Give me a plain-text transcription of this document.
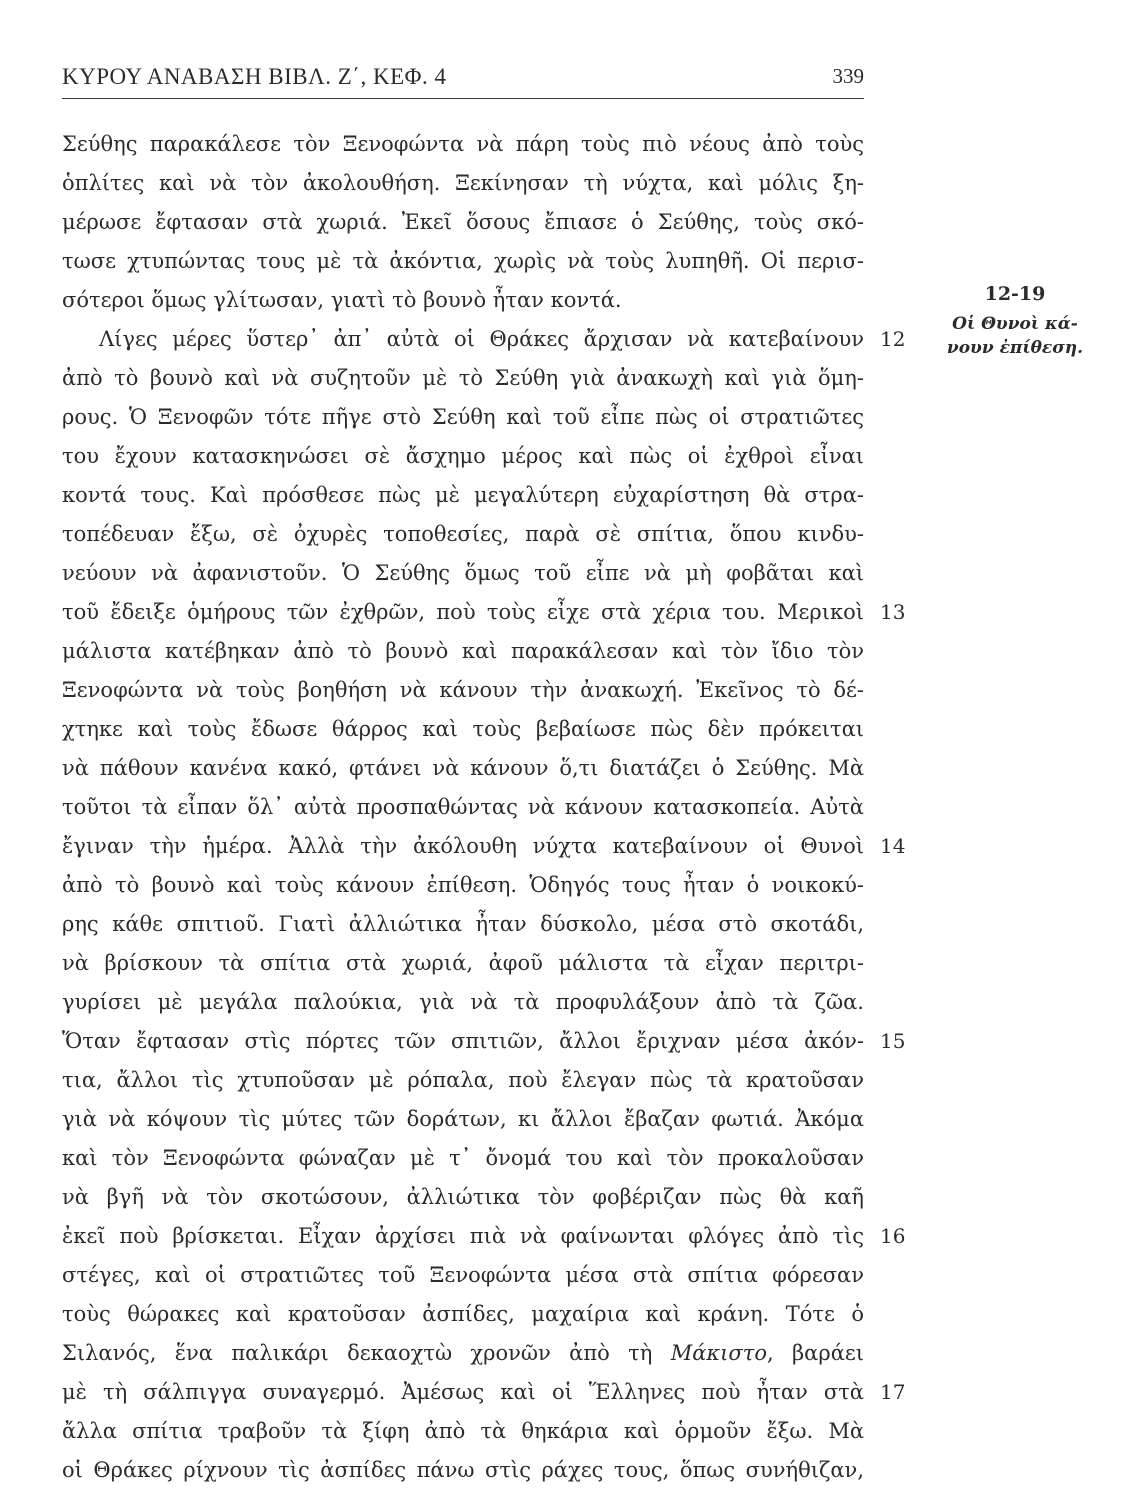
ΚΥΡΟΥ ΑΝΑΒΑΣΗ ΒΙΒΛ. Ζ΄, ΚΕΦ. 4	339
Σεύθης παρακάλεσε τὸν Ξενοφώντα νὰ πάρη τοὺς πιὸ νέους ἀπὸ τοὺς
ὁπλίτες καὶ νὰ τὸν ἀκολουθήση. Ξεκίνησαν τὴ νύχτα, καὶ μόλις ξη-
μέρωσε ἔφτασαν στὰ χωριά. Ἐκεῖ ὅσους ἔπιασε ὁ Σεύθης, τοὺς σκό-
τωσε χτυπώντας τους μὲ τὰ ἀκόντια, χωρὶς νὰ τοὺς λυπηθῆ. Οἱ περισ-
σότεροι ὅμως γλίτωσαν, γιατὶ τὸ βουνὸ ἦταν κοντά.
Λίγες μέρες ὕστερ᾽ ἀπ᾽ αὐτὰ οἱ Θράκες ἄρχισαν νὰ κατεβαίνουν
ἀπὸ τὸ βουνὸ καὶ νὰ συζητοῦν μὲ τὸ Σεύθη γιὰ ἀνακωχὴ καὶ γιὰ ὅμη-
ρους. Ὁ Ξενοφῶν τότε πῆγε στὸ Σεύθη καὶ τοῦ εἶπε πὼς οἱ στρατιῶτες
του ἔχουν κατασκηνώσει σὲ ἄσχημο μέρος καὶ πὼς οἱ ἐχθροὶ εἶναι
κοντά τους. Καὶ πρόσθεσε πὼς μὲ μεγαλύτερη εὐχαρίστηση θὰ στρα-
τοπέδευαν ἔξω, σὲ ὀχυρὲς τοποθεσίες, παρὰ σὲ σπίτια, ὅπου κινδυ-
νεύουν νὰ ἀφανιστοῦν. Ὁ Σεύθης ὅμως τοῦ εἶπε νὰ μὴ φοβᾶται καὶ
τοῦ ἔδειξε ὁμήρους τῶν ἐχθρῶν, ποὺ τοὺς εἶχε στὰ χέρια του. Μερικοὶ
μάλιστα κατέβηκαν ἀπὸ τὸ βουνὸ καὶ παρακάλεσαν καὶ τὸν ἴδιο τὸν
Ξενοφώντα νὰ τοὺς βοηθήση νὰ κάνουν τὴν ἀνακωχή. Ἐκεῖνος τὸ δέ-
χτηκε καὶ τοὺς ἔδωσε θάρρος καὶ τοὺς βεβαίωσε πὼς δὲν πρόκειται
νὰ πάθουν κανένα κακό, φτάνει νὰ κάνουν ὅ,τι διατάζει ὁ Σεύθης. Μὰ
τοῦτοι τὰ εἶπαν ὅλ᾽ αὐτὰ προσπαθώντας νὰ κάνουν κατασκοπεία. Αὐτὰ
ἔγιναν τὴν ἡμέρα. Ἀλλὰ τὴν ἀκόλουθη νύχτα κατεβαίνουν οἱ Θυνοὶ
ἀπὸ τὸ βουνὸ καὶ τοὺς κάνουν ἐπίθεση. Ὁδηγός τους ἦταν ὁ νοικοκύ-
ρης κάθε σπιτιοῦ. Γιατὶ ἀλλιώτικα ἦταν δύσκολο, μέσα στὸ σκοτάδι,
νὰ βρίσκουν τὰ σπίτια στὰ χωριά, ἀφοῦ μάλιστα τὰ εἶχαν περιτρι-
γυρίσει μὲ μεγάλα παλούκια, γιὰ νὰ τὰ προφυλάξουν ἀπὸ τὰ ζῶα.
Ὅταν ἔφτασαν στὶς πόρτες τῶν σπιτιῶν, ἄλλοι ἔριχναν μέσα ἀκόν-
τια, ἄλλοι τὶς χτυποῦσαν μὲ ρόπαλα, ποὺ ἔλεγαν πὼς τὰ κρατοῦσαν
γιὰ νὰ κόψουν τὶς μύτες τῶν δοράτων, κι ἄλλοι ἔβαζαν φωτιά. Ἀκόμα
καὶ τὸν Ξενοφώντα φώναζαν μὲ τ᾽ ὄνομά του καὶ τὸν προκαλοῦσαν
νὰ βγῆ νὰ τὸν σκοτώσουν, ἀλλιώτικα τὸν φοβέριζαν πὼς θὰ καῆ
ἐκεῖ ποὺ βρίσκεται. Εἶχαν ἀρχίσει πιὰ νὰ φαίνωνται φλόγες ἀπὸ τὶς
στέγες, καὶ οἱ στρατιῶτες τοῦ Ξενοφώντα μέσα στὰ σπίτια φόρεσαν
τοὺς θώρακες καὶ κρατοῦσαν ἀσπίδες, μαχαίρια καὶ κράνη. Τότε ὁ
Σιλανός, ἕνα παλικάρι δεκαοχτὼ χρονῶν ἀπὸ τὴ Μάκιστο, βαράει
μὲ τὴ σάλπιγγα συναγερμό. Ἀμέσως καὶ οἱ Ἕλληνες ποὺ ἦταν στὰ
ἄλλα σπίτια τραβοῦν τὰ ξίφη ἀπὸ τὰ θηκάρια καὶ ὁρμοῦν ἔξω. Μὰ
οἱ Θράκες ρίχνουν τὶς ἀσπίδες πάνω στὶς ράχες τους, ὅπως συνήθιζαν,
12
13
14
15
16
17
12-19
Οἱ Θυνοὶ κά-
νουν ἐπίθεση.
